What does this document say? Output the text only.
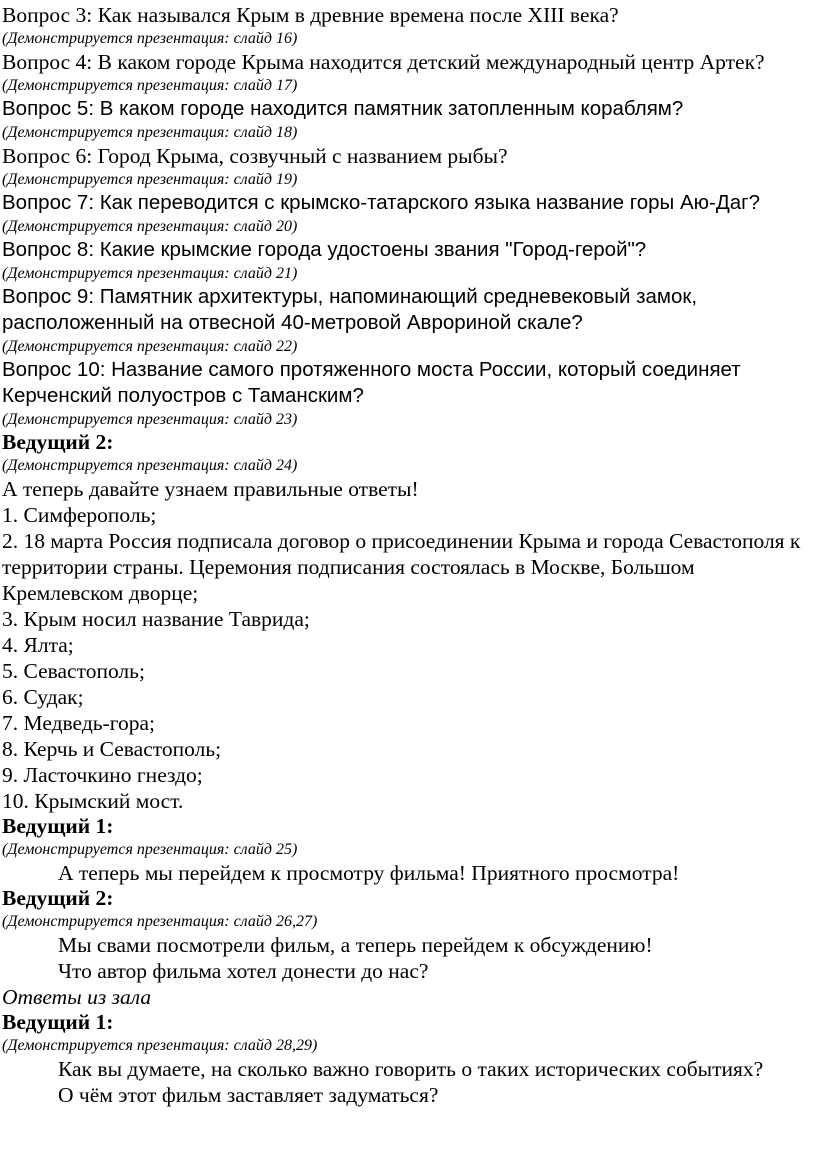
Вопрос 3: Как назывался Крым в древние времена после XIII века?
(Демонстрируется презентация: слайд 16)
Вопрос 4: В каком городе Крыма находится детский международный центр Артек?
(Демонстрируется презентация: слайд 17)
Вопрос 5: В каком городе находится памятник затопленным кораблям?
(Демонстрируется презентация: слайд 18)
Вопрос 6: Город Крыма, созвучный с названием рыбы?
(Демонстрируется презентация: слайд 19)
Вопрос 7: Как переводится с крымско-татарского языка название горы Аю-Даг?
(Демонстрируется презентация: слайд 20)
Вопрос 8: Какие крымские города удостоены звания "Город-герой"?
(Демонстрируется презентация: слайд 21)
Вопрос 9: Памятник архитектуры, напоминающий средневековый замок, расположенный на отвесной 40-метровой Аврориной скале?
(Демонстрируется презентация: слайд 22)
Вопрос 10: Название самого протяженного моста России, который соединяет Керченский полуостров с Таманским?
(Демонстрируется презентация: слайд 23)
Ведущий 2:
(Демонстрируется презентация: слайд 24)
А теперь давайте узнаем правильные ответы!
1. Симферополь;
2. 18 марта Россия подписала договор о присоединении Крыма и города Севастополя к территории страны. Церемония подписания состоялась в Москве, Большом Кремлевском дворце;
3. Крым носил название Таврида;
4. Ялта;
5. Севастополь;
6. Судак;
7. Медведь-гора;
8. Керчь и Севастополь;
9. Ласточкино гнездо;
10. Крымский мост.
Ведущий 1:
(Демонстрируется презентация: слайд 25)
А теперь мы перейдем к просмотру фильма! Приятного просмотра!
Ведущий 2:
(Демонстрируется презентация: слайд 26,27)
Мы свами посмотрели фильм, а теперь перейдем к обсуждению!
Что автор фильма хотел донести до нас?
Ответы из зала
Ведущий 1:
(Демонстрируется презентация: слайд 28,29)
Как вы думаете, на сколько важно говорить о таких исторических событиях?
О чём этот фильм заставляет задуматься?
